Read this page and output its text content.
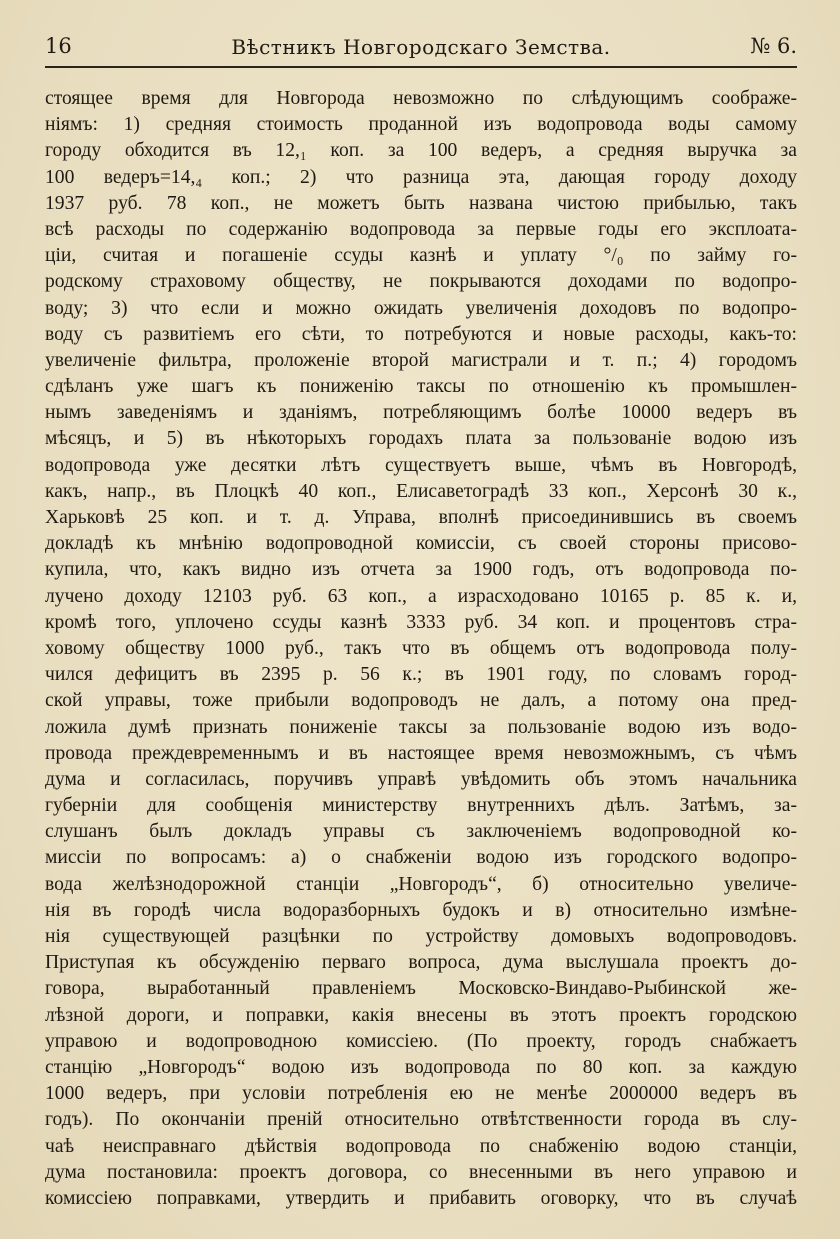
16	Вѣстникъ Новгородскаго Земства.	№ 6.
стоящее время для Новгорода невозможно по слѣдующимъ соображе-
ніямъ: 1) средняя стоимость проданной изъ водопровода воды самому
городу обходится въ 12,₁ коп. за 100 ведеръ, а средняя выручка за
100 ведеръ=14,₄ коп.; 2) что разница эта, дающая городу доходу
1937 руб. 78 коп., не можетъ быть названа чистою прибылью, такъ
всѣ расходы по содержанію водопровода за первые годы его эксплоата-
ціи, считая и погашеніе ссуды казнѣ и уплату °/₀ по займу го-
родскому страховому обществу, не покрываются доходами по водопро-
воду; 3) что если и можно ожидать увеличенія доходовъ по водопро-
воду съ развитіемъ его сѣти, то потребуются и новые расходы, какъ-то:
увеличеніе фильтра, проложеніе второй магистрали и т. п.; 4) городомъ
сдѣланъ уже шагъ къ пониженію таксы по отношенію къ промышлен-
нымъ заведеніямъ и зданіямъ, потребляющимъ болѣе 10000 ведеръ въ
мѣсяцъ, и 5) въ нѣкоторыхъ городахъ плата за пользованіе водою изъ
водопровода уже десятки лѣтъ существуетъ выше, чѣмъ въ Новгородѣ,
какъ, напр., въ Плоцкѣ 40 коп., Елисаветоградѣ 33 коп., Херсонѣ 30 к.,
Харьковѣ 25 коп. и т. д. Управа, вполнѣ присоединившись въ своемъ
докладѣ къ мнѣнію водопроводной комиссіи, съ своей стороны присово-
купила, что, какъ видно изъ отчета за 1900 годъ, отъ водопровода по-
лучено доходу 12103 руб. 63 коп., а израсходовано 10165 р. 85 к. и,
кромѣ того, уплочено ссуды казнѣ 3333 руб. 34 коп. и процентовъ стра-
ховому обществу 1000 руб., такъ что въ общемъ отъ водопровода полу-
чился дефицитъ въ 2395 р. 56 к.; въ 1901 году, по словамъ город-
ской управы, тоже прибыли водопроводъ не далъ, а потому она пред-
ложила думѣ признать пониженіе таксы за пользованіе водою изъ водо-
провода преждевременнымъ и въ настоящее время невозможнымъ, съ чѣмъ
дума и согласилась, поручивъ управѣ увѣдомить объ этомъ начальника
губерніи для сообщенія министерству внутреннихъ дѣлъ. Затѣмъ, за-
слушанъ былъ докладъ управы съ заключеніемъ водопроводной ко-
миссіи по вопросамъ: а) о снабженіи водою изъ городского водопро-
вода желѣзнодорожной станціи „Новгородъ“, б) относительно увеличе-
нія въ городѣ числа водоразборныхъ будокъ и в) относительно измѣне-
нія существующей разцѣнки по устройству домовыхъ водопроводовъ.
Приступая къ обсужденію перваго вопроса, дума выслушала проектъ до-
говора, выработанный правленіемъ Московско-Виндаво-Рыбинской же-
лѣзной дороги, и поправки, какія внесены въ этотъ проектъ городскою
управою и водопроводною комиссіею. (По проекту, городъ снабжаетъ
станцію „Новгородъ“ водою изъ водопровода по 80 коп. за каждую
1000 ведеръ, при условіи потребленія ею не менѣе 2000000 ведеръ въ
годъ). По окончаніи преній относительно отвѣтственности города въ слу-
чаѣ неисправнаго дѣйствія водопровода по снабженію водою станціи,
дума постановила: проектъ договора, со внесенными въ него управою и
комиссіею поправками, утвердить и прибавить оговорку, что въ случаѣ
